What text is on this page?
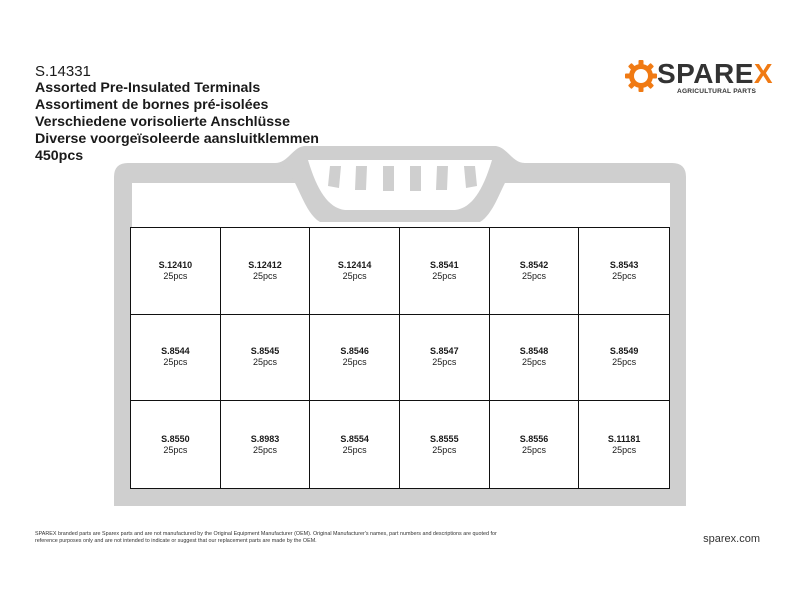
S.14331
Assorted Pre-Insulated Terminals
Assortiment de bornes pré-isolées
Verschiedene vorisolierte Anschlüsse
Diverse voorgeïsoleerde aansluitklemmen
450pcs
SPAREX
AGRICULTURAL PARTS
S.12410
25pcs
S.12412
25pcs
S.12414
25pcs
S.8541
25pcs
S.8542
25pcs
S.8543
25pcs
S.8544
25pcs
S.8545
25pcs
S.8546
25pcs
S.8547
25pcs
S.8548
25pcs
S.8549
25pcs
S.8550
25pcs
S.8983
25pcs
S.8554
25pcs
S.8555
25pcs
S.8556
25pcs
S.11181
25pcs
SPAREX branded parts are Sparex parts and are not manufactured by the Original Equipment Manufacturer (OEM). Original Manufacturer's names, part numbers and descriptions are quoted for reference purposes only and are not intended to indicate or suggest that our replacement parts are made by the OEM.	sparex.com
